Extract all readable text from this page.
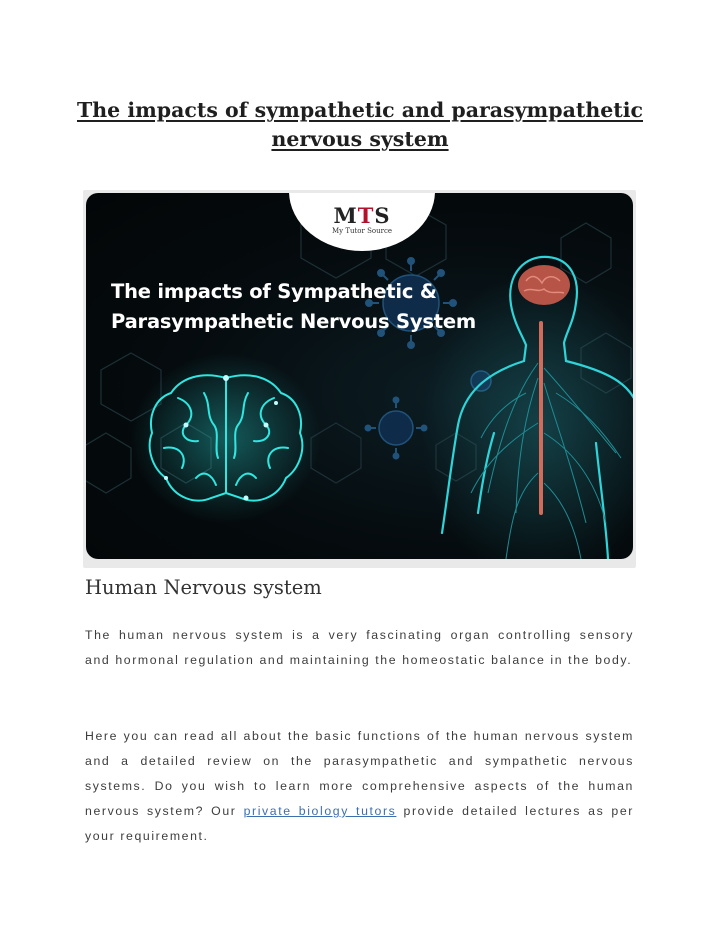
The impacts of sympathetic and parasympathetic
nervous system
MTS
My Tutor Source
The impacts of Sympathetic &
Parasympathetic Nervous System
Human Nervous system

The human nervous system is a very fascinating organ controlling sensory and hormonal regulation and maintaining the homeostatic balance in the body.

Here you can read all about the basic functions of the human nervous system and a detailed review on the parasympathetic and sympathetic nervous systems. Do you wish to learn more comprehensive aspects of the human nervous system? Our private biology tutors provide detailed lectures as per your requirement.
